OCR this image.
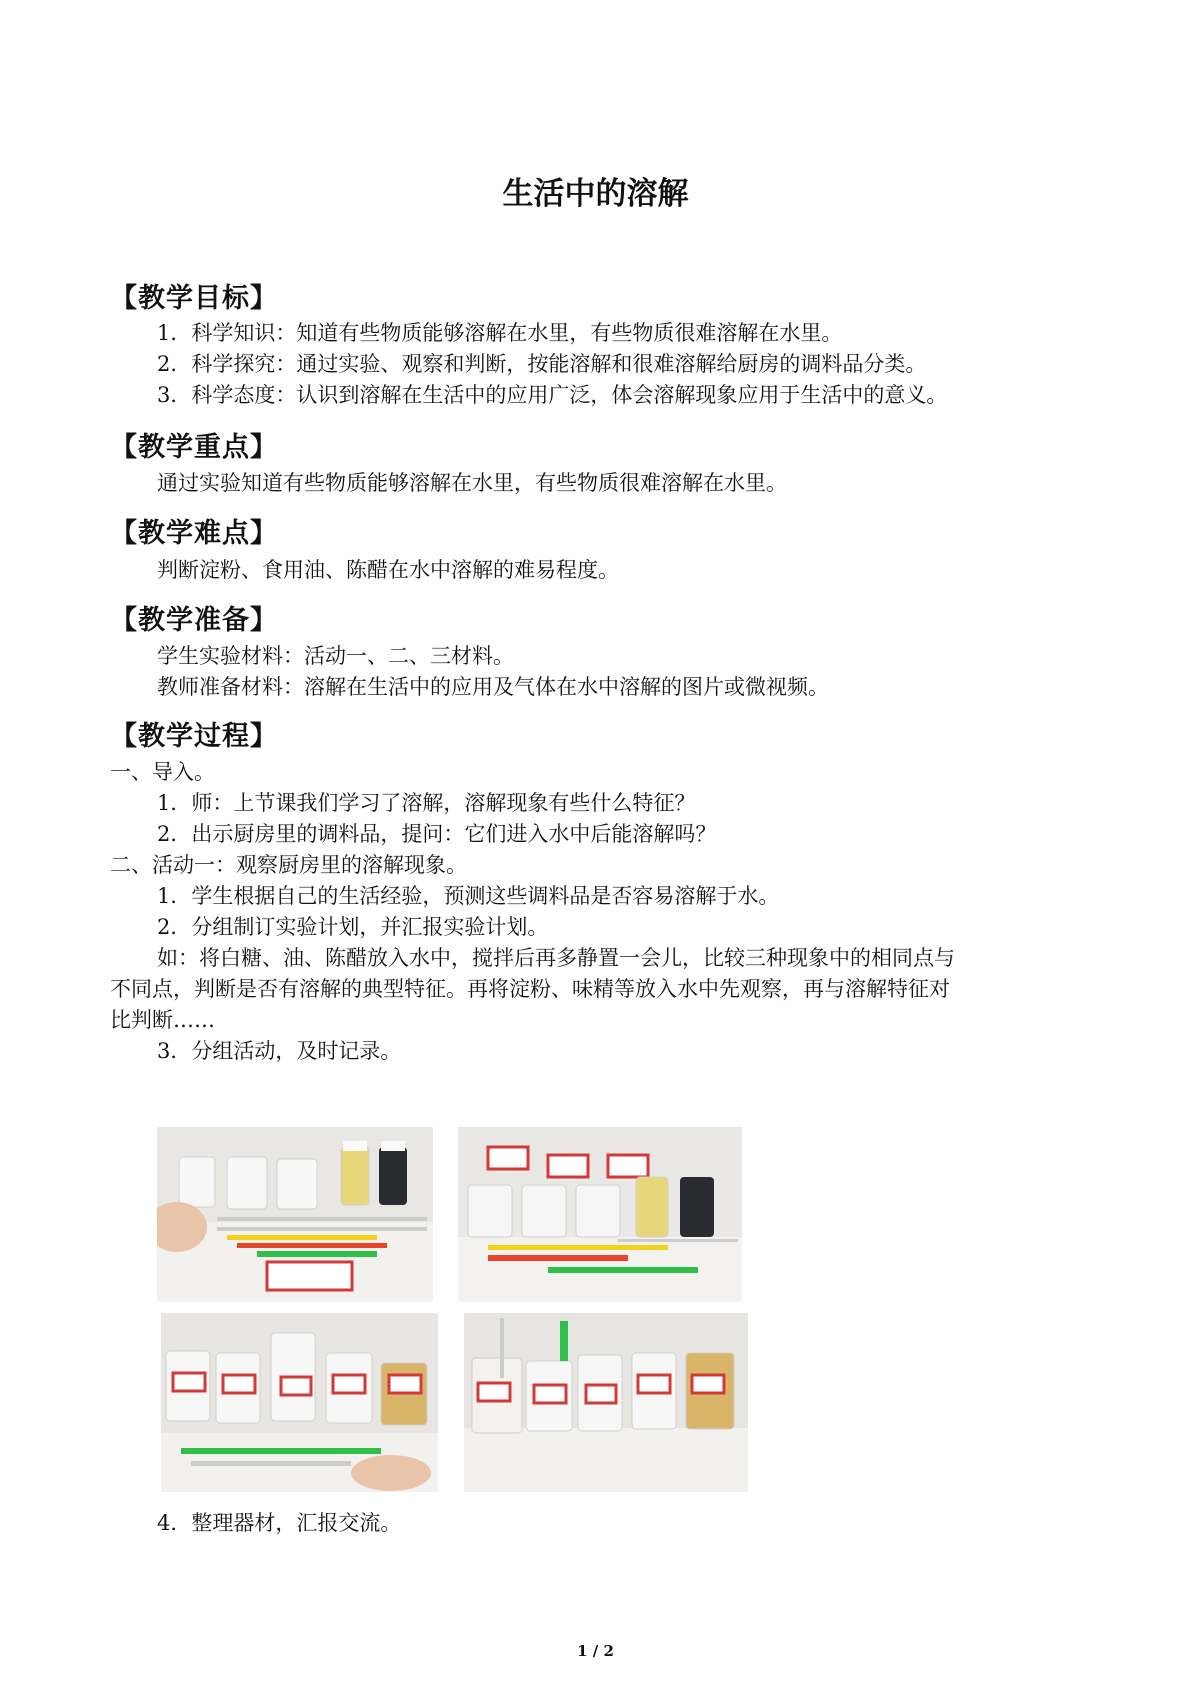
生活中的溶解
【教学目标】
1．科学知识：知道有些物质能够溶解在水里，有些物质很难溶解在水里。
2．科学探究：通过实验、观察和判断，按能溶解和很难溶解给厨房的调料品分类。
3．科学态度：认识到溶解在生活中的应用广泛，体会溶解现象应用于生活中的意义。
【教学重点】
通过实验知道有些物质能够溶解在水里，有些物质很难溶解在水里。
【教学难点】
判断淀粉、食用油、陈醋在水中溶解的难易程度。
【教学准备】
学生实验材料：活动一、二、三材料。
教师准备材料：溶解在生活中的应用及气体在水中溶解的图片或微视频。
【教学过程】
一、导入。
1．师：上节课我们学习了溶解，溶解现象有些什么特征？
2．出示厨房里的调料品，提问：它们进入水中后能溶解吗？
二、活动一：观察厨房里的溶解现象。
1．学生根据自己的生活经验，预测这些调料品是否容易溶解于水。
2．分组制订实验计划，并汇报实验计划。
如：将白糖、油、陈醋放入水中，搅拌后再多静置一会儿，比较三种现象中的相同点与
不同点，判断是否有溶解的典型特征。再将淀粉、味精等放入水中先观察，再与溶解特征对
比判断……
3．分组活动，及时记录。
4．整理器材，汇报交流。
1 / 2
